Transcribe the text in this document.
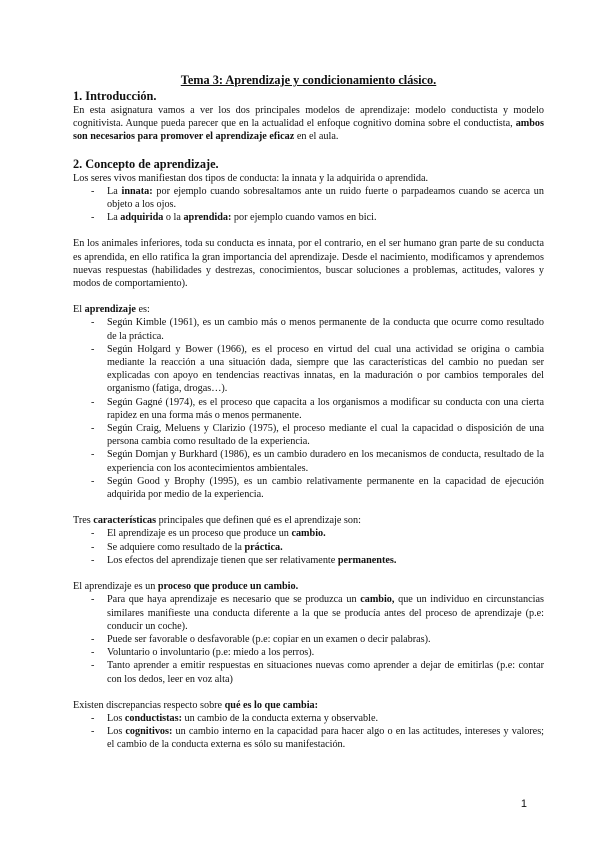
Tema 3: Aprendizaje y condicionamiento clásico.
1. Introducción.

En esta asignatura vamos a ver los dos principales modelos de aprendizaje: modelo conductista y modelo cognitivista. Aunque pueda parecer que en la actualidad el enfoque cognitivo domina sobre el conductista, ambos son necesarios para promover el aprendizaje eficaz en el aula.

2. Concepto de aprendizaje.

Los seres vivos manifiestan dos tipos de conducta: la innata y la adquirida o aprendida.

- La innata: por ejemplo cuando sobresaltamos ante un ruido fuerte o parpadeamos cuando se acerca un objeto a los ojos.
- La adquirida o la aprendida: por ejemplo cuando vamos en bici.

En los animales inferiores, toda su conducta es innata, por el contrario, en el ser humano gran parte de su conducta es aprendida, en ello ratifica la gran importancia del aprendizaje. Desde el nacimiento, modificamos y aprendemos nuevas respuestas (habilidades y destrezas, conocimientos, buscar soluciones a problemas, actitudes, valores y modos de comportamiento).

El aprendizaje es:

- Según Kimble (1961), es un cambio más o menos permanente de la conducta que ocurre como resultado de la práctica.
- Según Holgard y Bower (1966), es el proceso en virtud del cual una actividad se origina o cambia mediante la reacción a una situación dada, siempre que las características del cambio no puedan ser explicadas con apoyo en tendencias reactivas innatas, en la maduración o por cambios temporales del organismo (fatiga, drogas…).
- Según Gagné (1974), es el proceso que capacita a los organismos a modificar su conducta con una cierta rapidez en una forma más o menos permanente.
- Según Craig, Meluens y Clarizio (1975), el proceso mediante el cual la capacidad o disposición de una persona cambia como resultado de la experiencia.
- Según Domjan y Burkhard (1986), es un cambio duradero en los mecanismos de conducta, resultado de la experiencia con los acontecimientos ambientales.
- Según Good y Brophy (1995), es un cambio relativamente permanente en la capacidad de ejecución adquirida por medio de la experiencia.

Tres características principales que definen qué es el aprendizaje son:

- El aprendizaje es un proceso que produce un cambio.
- Se adquiere como resultado de la práctica.
- Los efectos del aprendizaje tienen que ser relativamente permanentes.

El aprendizaje es un proceso que produce un cambio.

- Para que haya aprendizaje es necesario que se produzca un cambio, que un individuo en circunstancias similares manifieste una conducta diferente a la que se producía antes del proceso de aprendizaje (p.e: conducir un coche).
- Puede ser favorable o desfavorable (p.e: copiar en un examen o decir palabras).
- Voluntario o involuntario (p.e: miedo a los perros).
- Tanto aprender a emitir respuestas en situaciones nuevas como aprender a dejar de emitirlas (p.e: contar con los dedos, leer en voz alta)

Existen discrepancias respecto sobre qué es lo que cambia:

- Los conductistas: un cambio de la conducta externa y observable.
- Los cognitivos: un cambio interno en la capacidad para hacer algo o en las actitudes, intereses y valores; el cambio de la conducta externa es sólo su manifestación.
1
